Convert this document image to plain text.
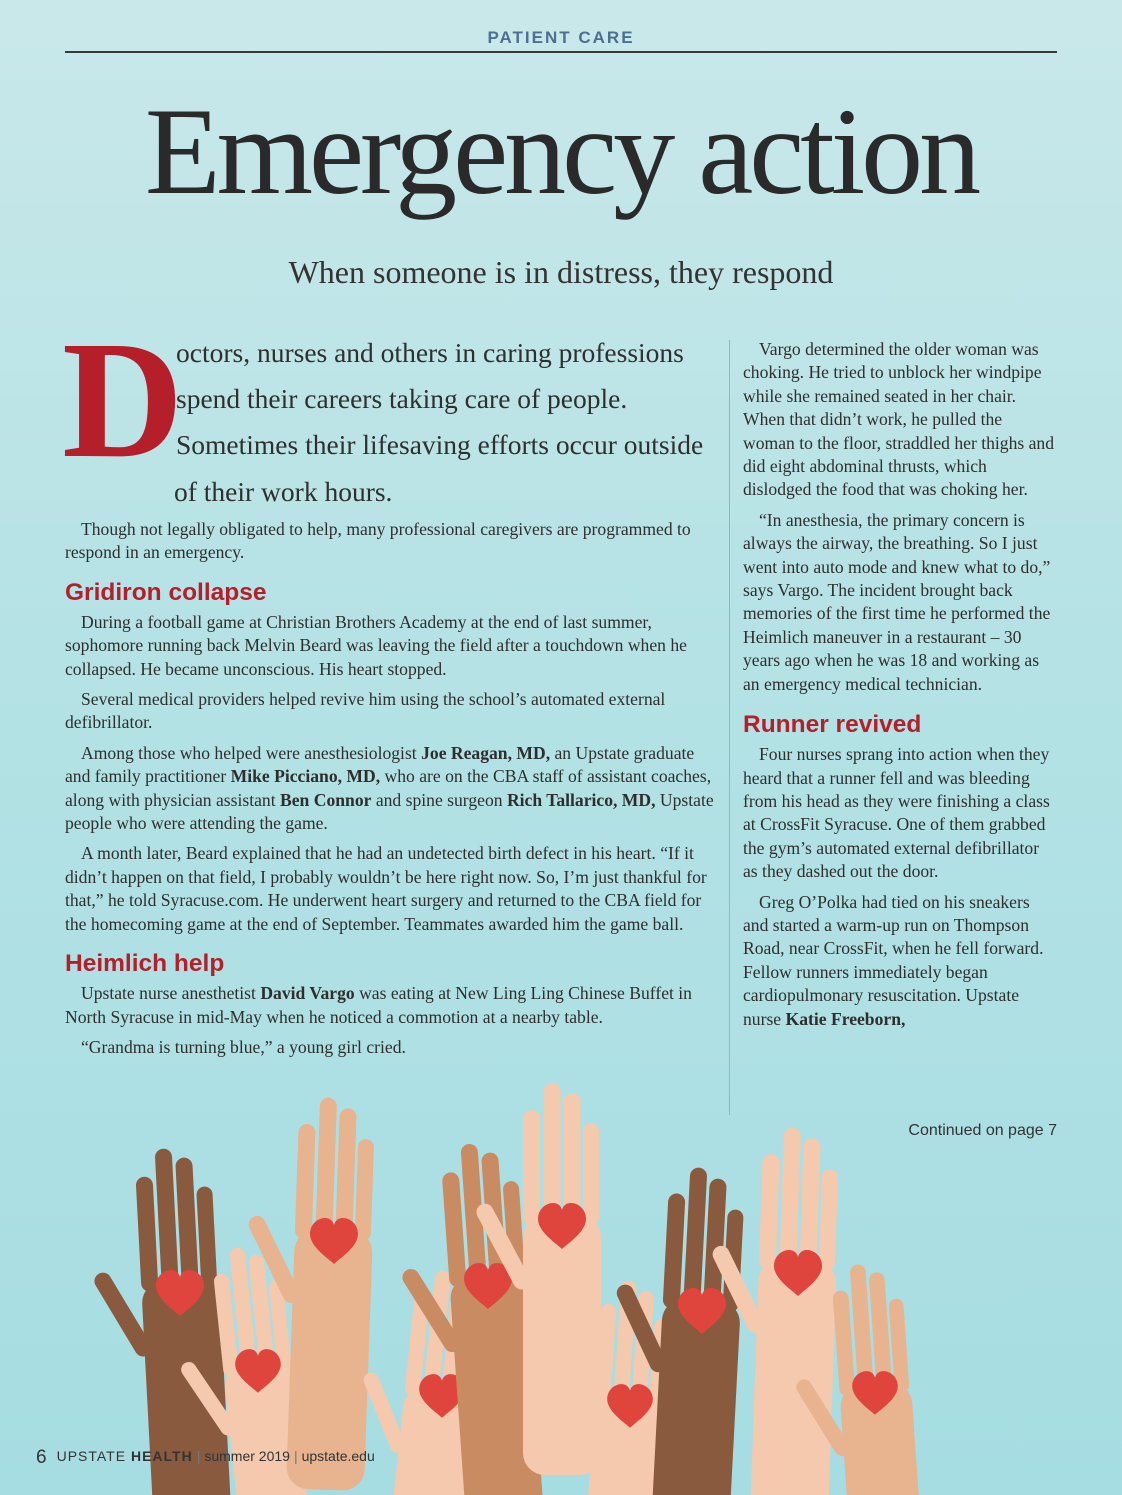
PATIENT CARE
Emergency action
When someone is in distress, they respond
D
octors, nurses and others in caring professions
spend their careers taking care of people.
Sometimes their lifesaving efforts occur outside
of their work hours.

Though not legally obligated to help, many professional caregivers are programmed to respond in an emergency.

Gridiron collapse

During a football game at Christian Brothers Academy at the end of last summer, sophomore running back Melvin Beard was leaving the field after a touchdown when he collapsed. He became unconscious. His heart stopped.

Several medical providers helped revive him using the school’s automated external defibrillator.

Among those who helped were anesthesiologist Joe Reagan, MD, an Upstate graduate and family practitioner Mike Picciano, MD, who are on the CBA staff of assistant coaches, along with physician assistant Ben Connor and spine surgeon Rich Tallarico, MD, Upstate people who were attending the game.

A month later, Beard explained that he had an undetected birth defect in his heart. “If it didn’t happen on that field, I probably wouldn’t be here right now. So, I’m just thankful for that,” he told Syracuse.com. He underwent heart surgery and returned to the CBA field for the homecoming game at the end of September. Teammates awarded him the game ball.

Heimlich help

Upstate nurse anesthetist David Vargo was eating at New Ling Ling Chinese Buffet in North Syracuse in mid-May when he noticed a commotion at a nearby table.

“Grandma is turning blue,” a young girl cried.

Vargo determined the older woman was choking. He tried to unblock her windpipe while she remained seated in her chair. When that didn’t work, he pulled the woman to the floor, straddled her thighs and did eight abdominal thrusts, which dislodged the food that was choking her.

“In anesthesia, the primary concern is always the airway, the breathing. So I just went into auto mode and knew what to do,” says Vargo. The incident brought back memories of the first time he performed the Heimlich maneuver in a restaurant – 30 years ago when he was 18 and working as an emergency medical technician.

Runner revived

Four nurses sprang into action when they heard that a runner fell and was bleeding from his head as they were finishing a class at CrossFit Syracuse. One of them grabbed the gym’s automated external defibrillator as they dashed out the door.

Greg O’Polka had tied on his sneakers and started a warm-up run on Thompson Road, near CrossFit, when he fell forward. Fellow runners immediately began cardiopulmonary resuscitation. Upstate nurse Katie Freeborn,

Continued on page 7
6 UPSTATE HEALTH | summer 2019 | upstate.edu
